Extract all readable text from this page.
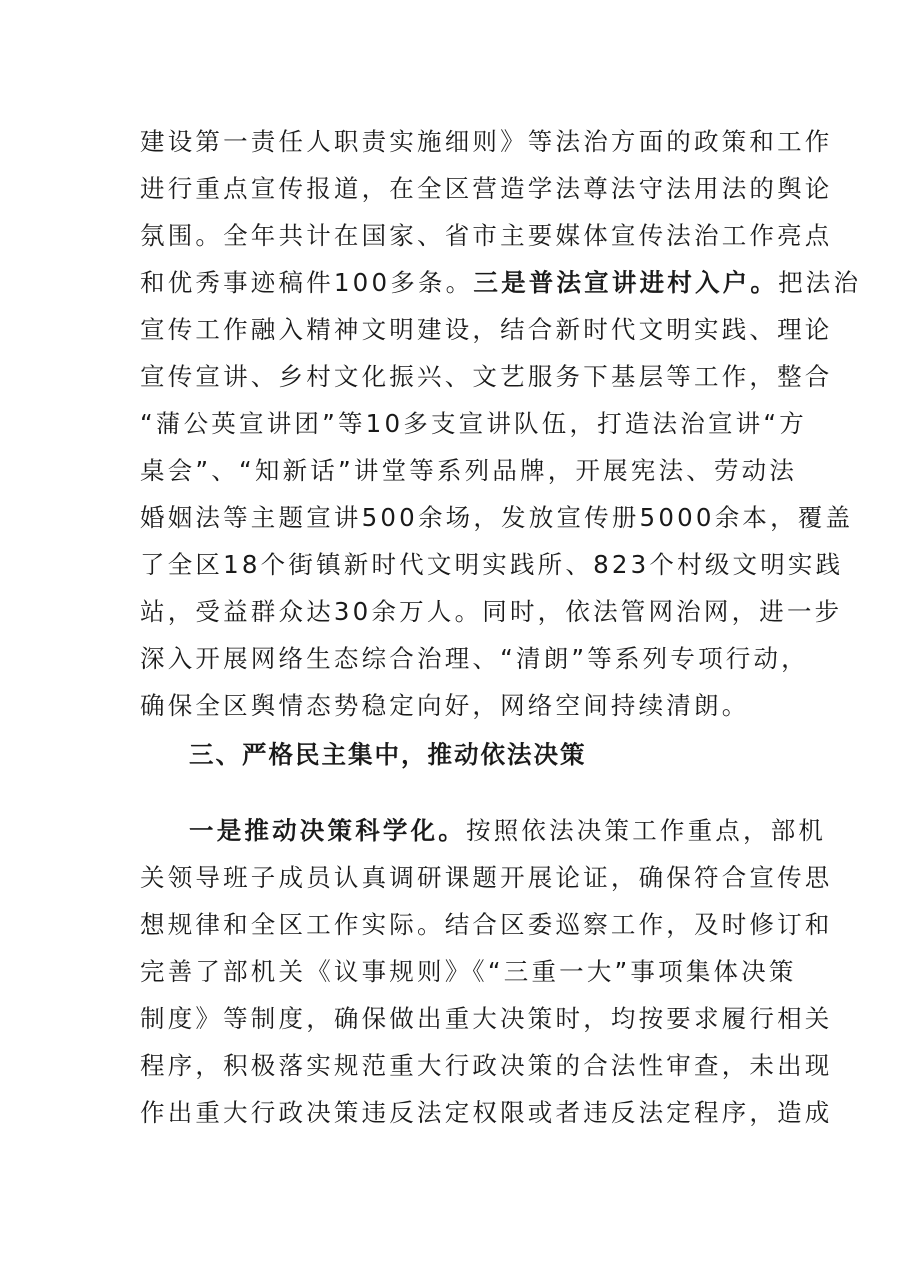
建设第一责任人职责实施细则》等法治方面的政策和工作
进行重点宣传报道，在全区营造学法尊法守法用法的舆论
氛围。全年共计在国家、省市主要媒体宣传法治工作亮点
和优秀事迹稿件100多条。三是普法宣讲进村入户。把法治
宣传工作融入精神文明建设，结合新时代文明实践、理论
宣传宣讲、乡村文化振兴、文艺服务下基层等工作，整合
“蒲公英宣讲团”等10多支宣讲队伍，打造法治宣讲“方
桌会”、“知新话”讲堂等系列品牌，开展宪法、劳动法
婚姻法等主题宣讲500余场，发放宣传册5000余本，覆盖
了全区18个街镇新时代文明实践所、823个村级文明实践
站，受益群众达30余万人。同时，依法管网治网，进一步
深入开展网络生态综合治理、“清朗”等系列专项行动，
确保全区舆情态势稳定向好，网络空间持续清朗。
三、严格民主集中，推动依法决策
一是推动决策科学化。按照依法决策工作重点，部机
关领导班子成员认真调研课题开展论证，确保符合宣传思
想规律和全区工作实际。结合区委巡察工作，及时修订和
完善了部机关《议事规则》《“三重一大”事项集体决策
制度》等制度，确保做出重大决策时，均按要求履行相关
程序，积极落实规范重大行政决策的合法性审查，未出现
作出重大行政决策违反法定权限或者违反法定程序，造成
